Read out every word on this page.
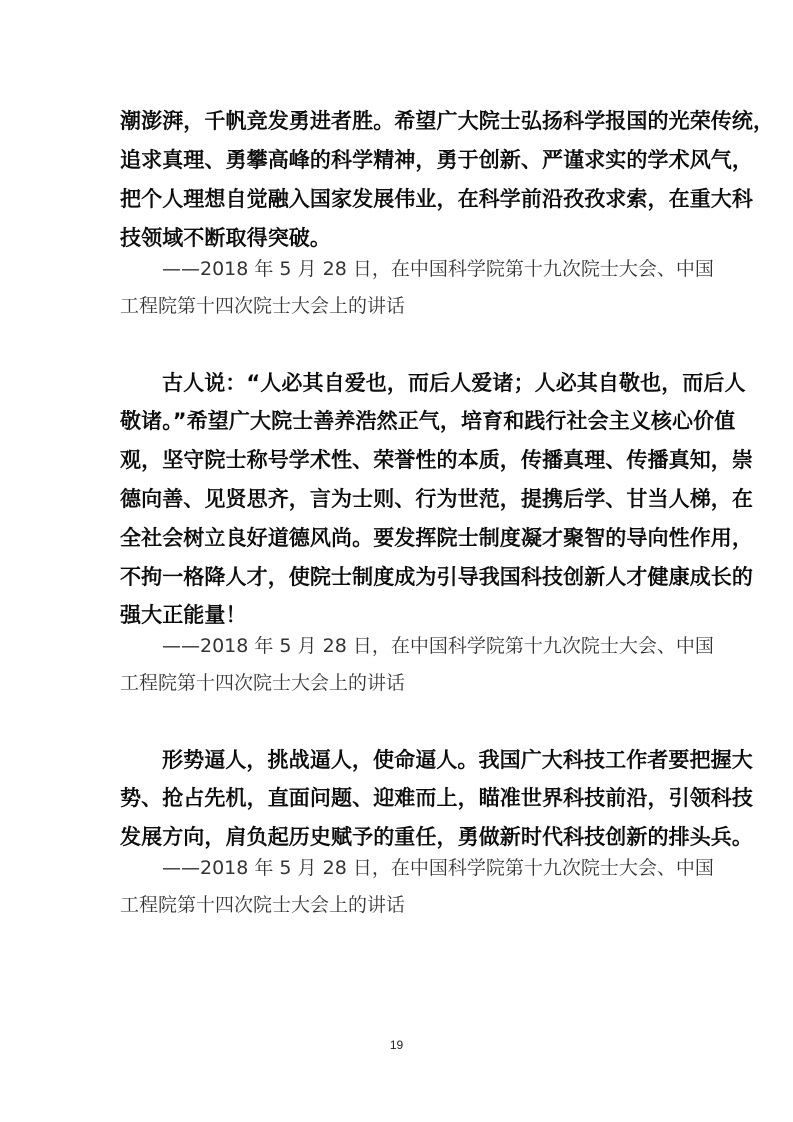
潮澎湃，千帆竞发勇进者胜。希望广大院士弘扬科学报国的光荣传统，
追求真理、勇攀高峰的科学精神，勇于创新、严谨求实的学术风气，
把个人理想自觉融入国家发展伟业，在科学前沿孜孜求索，在重大科
技领域不断取得突破。
——2018 年 5 月 28 日，在中国科学院第十九次院士大会、中国
工程院第十四次院士大会上的讲话
古人说：“人必其自爱也，而后人爱诸；人必其自敬也，而后人
敬诸。”希望广大院士善养浩然正气，培育和践行社会主义核心价值
观，坚守院士称号学术性、荣誉性的本质，传播真理、传播真知，崇
德向善、见贤思齐，言为士则、行为世范，提携后学、甘当人梯，在
全社会树立良好道德风尚。要发挥院士制度凝才聚智的导向性作用，
不拘一格降人才，使院士制度成为引导我国科技创新人才健康成长的
强大正能量！
——2018 年 5 月 28 日，在中国科学院第十九次院士大会、中国
工程院第十四次院士大会上的讲话
形势逼人，挑战逼人，使命逼人。我国广大科技工作者要把握大
势、抢占先机，直面问题、迎难而上，瞄准世界科技前沿，引领科技
发展方向，肩负起历史赋予的重任，勇做新时代科技创新的排头兵。
——2018 年 5 月 28 日，在中国科学院第十九次院士大会、中国
工程院第十四次院士大会上的讲话
19
